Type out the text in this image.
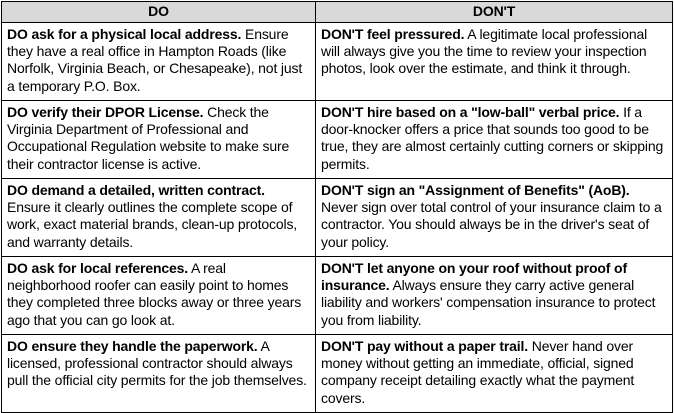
DO	DON'T
DO ask for a physical local address. Ensure they have a real office in Hampton Roads (like Norfolk, Virginia Beach, or Chesapeake), not just a temporary P.O. Box.	DON'T feel pressured. A legitimate local professional will always give you the time to review your inspection photos, look over the estimate, and think it through.
DO verify their DPOR License. Check the Virginia Department of Professional and Occupational Regulation website to make sure their contractor license is active.	DON'T hire based on a "low-ball" verbal price. If a door-knocker offers a price that sounds too good to be true, they are almost certainly cutting corners or skipping permits.
DO demand a detailed, written contract. Ensure it clearly outlines the complete scope of work, exact material brands, clean-up protocols, and warranty details.	DON'T sign an "Assignment of Benefits" (AoB). Never sign over total control of your insurance claim to a contractor. You should always be in the driver's seat of your policy.
DO ask for local references. A real neighborhood roofer can easily point to homes they completed three blocks away or three years ago that you can go look at.	DON'T let anyone on your roof without proof of insurance. Always ensure they carry active general liability and workers' compensation insurance to protect you from liability.
DO ensure they handle the paperwork. A licensed, professional contractor should always pull the official city permits for the job themselves.	DON'T pay without a paper trail. Never hand over money without getting an immediate, official, signed company receipt detailing exactly what the payment covers.
